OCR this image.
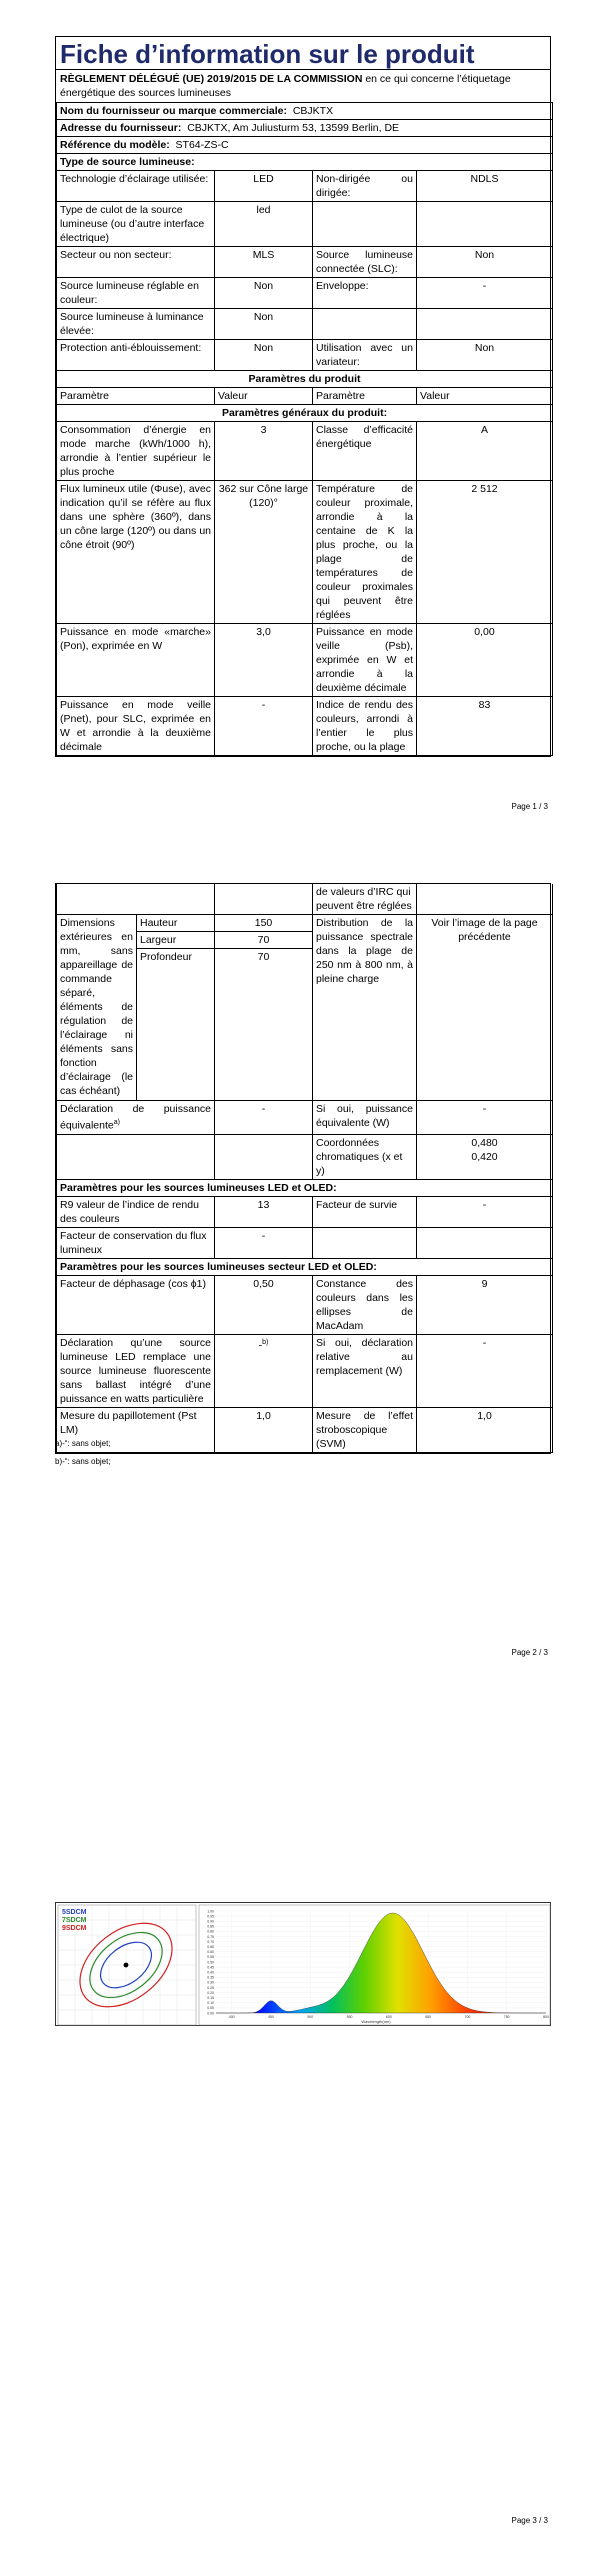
Fiche d’information sur le produit
RÈGLEMENT DÉLÉGUÉ (UE) 2019/2015 DE LA COMMISSION en ce qui concerne l’étiquetage énergétique des sources lumineuses
Nom du fournisseur ou marque commerciale: CBJKTX			
Adresse du fournisseur: CBJKTX, Am Juliusturm 53, 13599 Berlin, DE			
Référence du modèle: ST64-ZS-C			
Type de source lumineuse:			
Technologie d’éclairage utilisée:	LED	Non-dirigée ou dirigée:	NDLS
Type de culot de la source lumineuse (ou d’autre interface électrique)	led		
Secteur ou non secteur:	MLS	Source lumineuse connectée (SLC):	Non
Source lumineuse réglable en couleur:	Non	Enveloppe:	-
Source lumineuse à luminance élevée:	Non		
Protection anti-éblouissement:	Non	Utilisation avec un variateur:	Non
Paramètres du produit			
Paramètre	Valeur	Paramètre	Valeur
Paramètres généraux du produit:			
Consommation d’énergie en mode marche (kWh/1000 h), arrondie à l’entier supérieur le plus proche	3	Classe d’efficacité énergétique	A
Flux lumineux utile (Φuse), avec indication qu’il se réfère au flux dans une sphère (360º), dans un cône large (120º) ou dans un cône étroit (90º)	362 sur Cône large (120)°	Température de couleur proximale, arrondie à la centaine de K la plus proche, ou la plage de températures de couleur proximales qui peuvent être réglées	2 512
Puissance en mode «marche» (Pon), exprimée en W	3,0	Puissance en mode veille (Psb), exprimée en W et arrondie à la deuxième décimale	0,00
Puissance en mode veille (Pnet), pour SLC, exprimée en W et arrondie à la deuxième décimale	-	Indice de rendu des couleurs, arrondi à l’entier le plus proche, ou la plage	83
Page 1 / 3
			de valeurs d’IRC qui peuvent être réglées	
Dimensions extérieures en mm, sans appareillage de commande séparé, éléments de régulation de l’éclairage ni éléments sans fonction d’éclairage (le cas échéant)	Hauteur	150	Distribution de la puissance spectrale dans la plage de 250 nm à 800 nm, à pleine charge	Voir l’image de la page précédente
	Largeur	70		
	Profondeur	70		
Déclaration de puissance équivalente$^{a)}$		-	Si oui, puissance équivalente (W)	-
			Coordonnées chromatiques (x et y)	0,480
0,420

Paramètres pour les sources lumineuses LED et OLED:				
R9 valeur de l’indice de rendu des couleurs		13	Facteur de survie	-
Facteur de conservation du flux lumineux		-		
Paramètres pour les sources lumineuses secteur LED et OLED:				
Facteur de déphasage (cos ϕ1)		0,50	Constance des couleurs dans les ellipses de MacAdam	9
Déclaration qu’une source lumineuse LED remplace une source lumineuse fluorescente sans ballast intégré d’une puissance en watts particulière		-$^{b)}$	Si oui, déclaration relative au remplacement (W)	-
Mesure du papillotement (Pst LM)		1,0	Mesure de l’effet stroboscopique (SVM)	1,0
a)-“: sans objet;
b)-“: sans objet;
Page 2 / 3
Page 3 / 3
5SDCM
7SDCM
9SDCM
1.00
0.95
0.90
0.85
0.80
0.75
0.70
0.65
0.60
0.55
0.50
0.45
0.40
0.35
0.30
0.25
0.20
0.15
0.10
0.05
0.00
400	450	500	550	600	650	700	750	800
Wavelength(nm)
